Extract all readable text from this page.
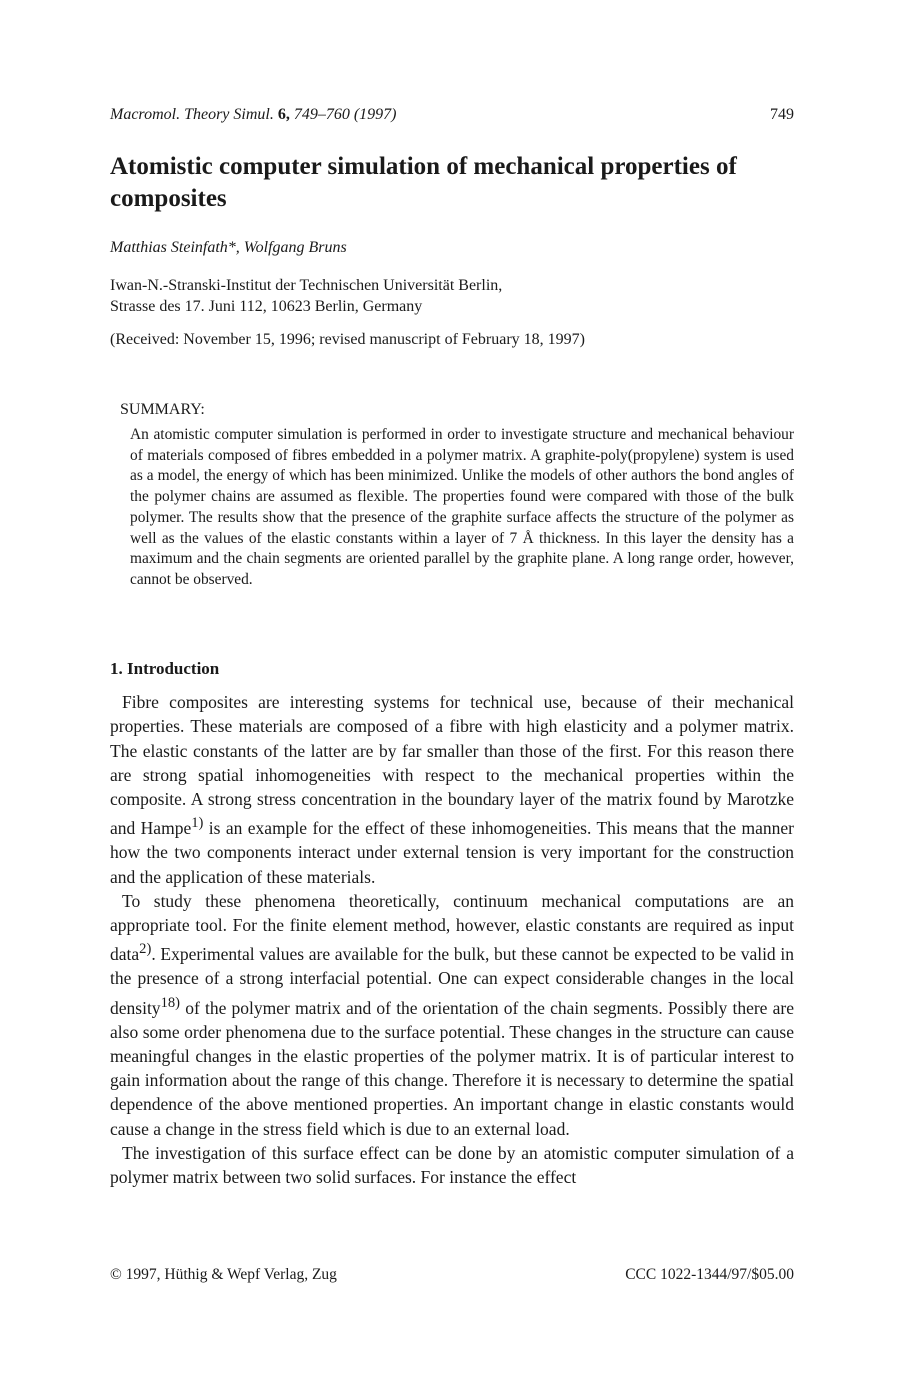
Macromol. Theory Simul. 6, 749–760 (1997)	749
Atomistic computer simulation of mechanical properties of composites
Matthias Steinfath*, Wolfgang Bruns
Iwan-N.-Stranski-Institut der Technischen Universität Berlin,
Strasse des 17. Juni 112, 10623 Berlin, Germany
(Received: November 15, 1996; revised manuscript of February 18, 1997)
SUMMARY:

An atomistic computer simulation is performed in order to investigate structure and mechanical behaviour of materials composed of fibres embedded in a polymer matrix. A graphite-poly(propylene) system is used as a model, the energy of which has been minimized. Unlike the models of other authors the bond angles of the polymer chains are assumed as flexible. The properties found were compared with those of the bulk polymer. The results show that the presence of the graphite surface affects the structure of the polymer as well as the values of the elastic constants within a layer of 7 Å thickness. In this layer the density has a maximum and the chain segments are oriented parallel by the graphite plane. A long range order, however, cannot be observed.

1. Introduction

Fibre composites are interesting systems for technical use, because of their mechanical properties. These materials are composed of a fibre with high elasticity and a polymer matrix. The elastic constants of the latter are by far smaller than those of the first. For this reason there are strong spatial inhomogeneities with respect to the mechanical properties within the composite. A strong stress concentration in the boundary layer of the matrix found by Marotzke and Hampe$^{1)}$ is an example for the effect of these inhomogeneities. This means that the manner how the two components interact under external tension is very important for the construction and the application of these materials.

To study these phenomena theoretically, continuum mechanical computations are an appropriate tool. For the finite element method, however, elastic constants are required as input data$^{2)}$. Experimental values are available for the bulk, but these cannot be expected to be valid in the presence of a strong interfacial potential. One can expect considerable changes in the local density$^{18)}$ of the polymer matrix and of the orientation of the chain segments. Possibly there are also some order phenomena due to the surface potential. These changes in the structure can cause meaningful changes in the elastic properties of the polymer matrix. It is of particular interest to gain information about the range of this change. Therefore it is necessary to determine the spatial dependence of the above mentioned properties. An important change in elastic constants would cause a change in the stress field which is due to an external load.

The investigation of this surface effect can be done by an atomistic computer simulation of a polymer matrix between two solid surfaces. For instance the effect

© 1997, Hüthig & Wepf Verlag, Zug	CCC 1022-1344/97/$05.00
